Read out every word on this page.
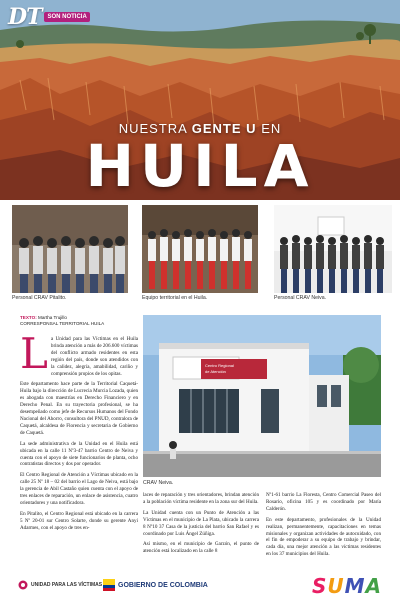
DT	SON NOTICIA
NUESTRA GENTE U EN
HUILA
Personal CRAV Pitalito.	Equipo territorial en el Huila.	Personal CRAV Neiva.
TEXTO: Martha Trujillo
CORRESPONSAL TERRITORIAL HUILA

La Unidad para las Víctimas en el Huila brinda atención a más de 206.600 víctimas del conflicto armado residentes en esta región del país, donde son atendidos con la calidez, alegría, amabilidad, cariño y comprensión propios de los opitas.

Este departamento hace parte de la Territorial Caquetá-Huila bajo la dirección de Lucrecia Murcia Lozada, quien es abogada con maestrías en Derecho Financiero y en Derecho Penal. En su trayectoria profesional, se ha desempeñado como jefe de Recursos Humanos del Fondo Nacional del Ahorro, consultora del PNUD, contralora de Caquetá, alcaldesa de Florencia y secretaria de Gobierno de Caquetá.

La sede administrativa de la Unidad en el Huila está ubicada en la calle 11 Nº3-47 barrio Centro de Neiva y cuenta con el apoyo de siete funcionarios de planta, ocho contratistas directos y dos por operador.

El Centro Regional de Atención a Víctimas ubicado en la calle 25 Nº 18 – 02 del barrio el Lago de Neiva, está bajo la gerencia de Abil Castaño quien cuenta con el apoyo de tres enlaces de reparación, un enlace de asistencia, cuatro orientadores y una notificadora.

En Pitalito, el Centro Regional está ubicado en la carrera 5 Nº 20-01 sur Centro Solarte, donde su gerente Anyi Adarmes, con el apoyo de tres en-

Centro Regional
de Atención
CRAV Neiva.

laces de reparación y tres orientadores, brindan atención a la población víctima residente en la zona sur del Huila.

La Unidad cuenta con un Punto de Atención a las Víctimas en el municipio de La Plata, ubicado la carrera 8 Nº10 37 Casa de la justicia del barrio San Rafael y es coordinado por Luis Ángel Zúñiga.

Así mismo, en el municipio de Garzón, el punto de atención está localizado en la calle 8

Nº1-61 barrio La Floresta, Centro Comercial Paseo del Rosario, oficina 105 y es coordinado por María Calderón.

En este departamento, profesionales de la Unidad realizan, permanentemente, capacitaciones en temas misionales y organizan actividades de autocuidado, con el fin de empoderar a su equipo de trabajo y brindar, cada día, una mejor atención a las víctimas residentes en los 37 municipios del Huila.

UNIDAD PARA LAS VÍCTIMAS GOBIERNO DE COLOMBIA	SUMA
